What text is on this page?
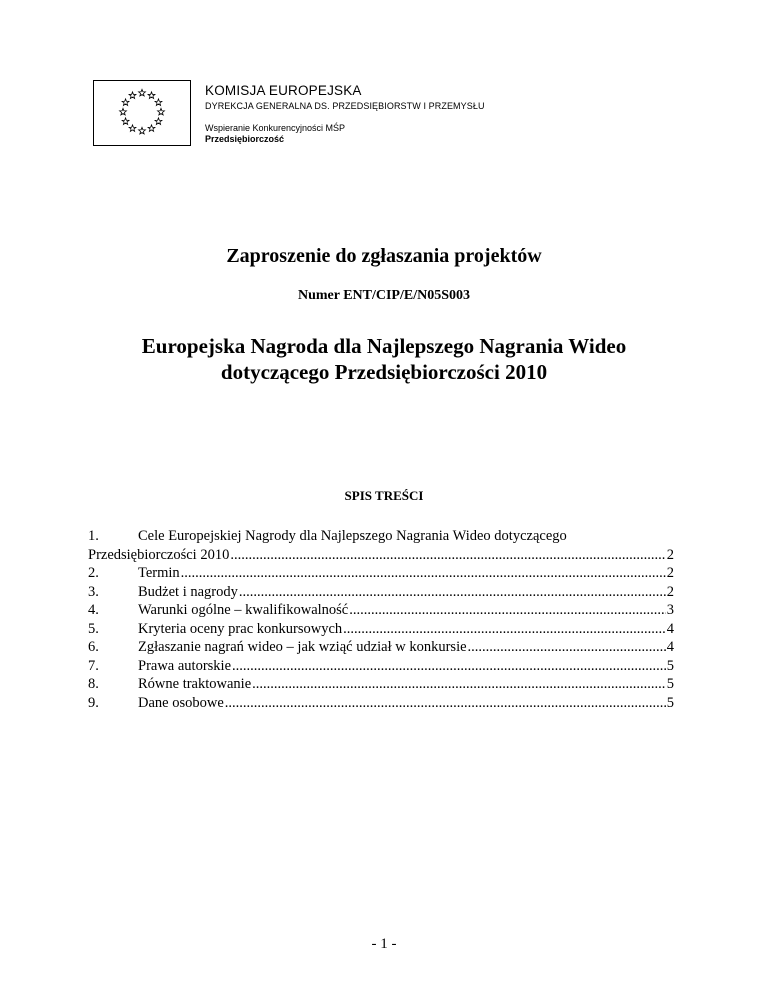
KOMISJA EUROPEJSKA
DYREKCJA GENERALNA DS. PRZEDSIĘBIORSTW I PRZEMYSŁU
Wspieranie Konkurencyjności MŚP
Przedsiębiorczość
Zaproszenie do zgłaszania projektów
Numer ENT/CIP/E/N05S003
Europejska Nagroda dla Najlepszego Nagrania Wideo
dotyczącego Przedsiębiorczości 2010
SPIS TREŚCI
1.	Cele Europejskiej Nagrody dla Najlepszego Nagrania Wideo dotyczącego
Przedsiębiorczości 2010 .....	2
2.	Termin .....	2
3.	Budżet i nagrody .....	2
4.	Warunki ogólne – kwalifikowalność .....	3
5.	Kryteria oceny prac konkursowych .....	4
6.	Zgłaszanie nagrań wideo – jak wziąć udział w konkursie .....	4
7.	Prawa autorskie .....	5
8.	Równe traktowanie .....	5
9.	Dane osobowe .....	5
- 1 -
